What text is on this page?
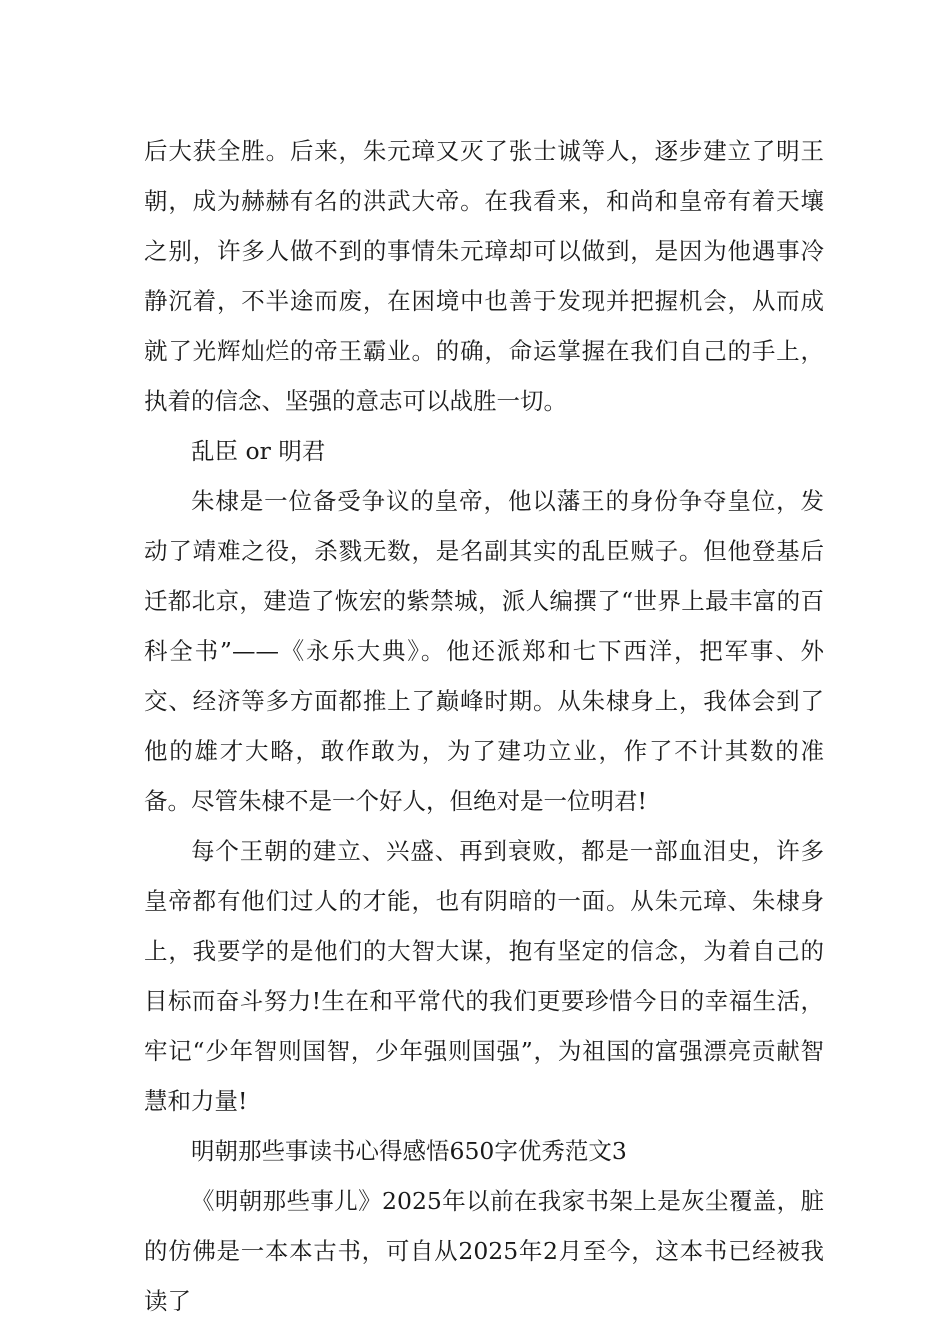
后大获全胜。后来，朱元璋又灭了张士诚等人，逐步建立了明王朝，成为赫赫有名的洪武大帝。在我看来，和尚和皇帝有着天壤之别，许多人做不到的事情朱元璋却可以做到，是因为他遇事冷静沉着，不半途而废，在困境中也善于发现并把握机会，从而成就了光辉灿烂的帝王霸业。的确，命运掌握在我们自己的手上，执着的信念、坚强的意志可以战胜一切。

乱臣 or 明君

朱棣是一位备受争议的皇帝，他以藩王的身份争夺皇位，发动了靖难之役，杀戮无数，是名副其实的乱臣贼子。但他登基后迁都北京，建造了恢宏的紫禁城，派人编撰了“世界上最丰富的百科全书”——《永乐大典》。他还派郑和七下西洋，把军事、外交、经济等多方面都推上了巅峰时期。从朱棣身上，我体会到了他的雄才大略，敢作敢为，为了建功立业，作了不计其数的准备。尽管朱棣不是一个好人，但绝对是一位明君!

每个王朝的建立、兴盛、再到衰败，都是一部血泪史，许多皇帝都有他们过人的才能，也有阴暗的一面。从朱元璋、朱棣身上，我要学的是他们的大智大谋，抱有坚定的信念，为着自己的目标而奋斗努力!生在和平常代的我们更要珍惜今日的幸福生活，牢记“少年智则国智，少年强则国强”，为祖国的富强漂亮贡献智慧和力量!

明朝那些事读书心得感悟650字优秀范文3

《明朝那些事儿》2025年以前在我家书架上是灰尘覆盖，脏的仿佛是一本本古书，可自从2025年2月至今，这本书已经被我读了
